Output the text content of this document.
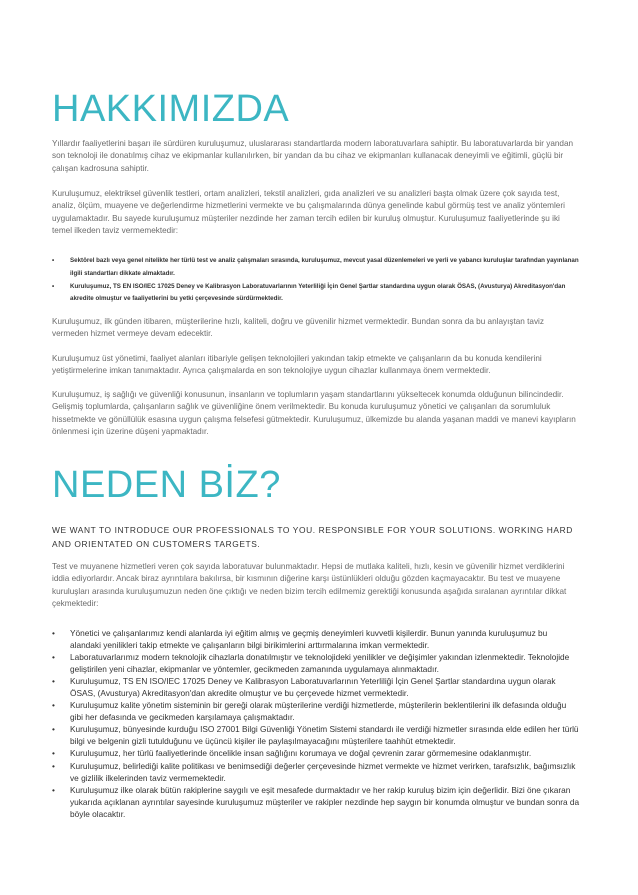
HAKKIMIZDA

Yıllardır faaliyetlerini başarı ile sürdüren kuruluşumuz, uluslararası standartlarda modern laboratuvarlara sahiptir. Bu laboratuvarlarda bir yandan son teknoloji ile donatılmış cihaz ve ekipmanlar kullanılırken, bir yandan da bu cihaz ve ekipmanları kullanacak deneyimli ve eğitimli, güçlü bir çalışan kadrosuna sahiptir.

Kuruluşumuz, elektriksel güvenlik testleri, ortam analizleri, tekstil analizleri, gıda analizleri ve su analizleri başta olmak üzere çok sayıda test, analiz, ölçüm, muayene ve değerlendirme hizmetlerini vermekte ve bu çalışmalarında dünya genelinde kabul görmüş test ve analiz yöntemleri uygulamaktadır. Bu sayede kuruluşumuz müşteriler nezdinde her zaman tercih edilen bir kuruluş olmuştur. Kuruluşumuz faaliyetlerinde şu iki temel ilkeden taviz vermemektedir:

•	Sektörel bazlı veya genel nitelikte her türlü test ve analiz çalışmaları sırasında, kuruluşumuz, mevcut yasal düzenlemeleri ve yerli ve yabancı kuruluşlar tarafından yayınlanan ilgili standartları dikkate almaktadır.
•	Kuruluşumuz, TS EN ISO/IEC 17025 Deney ve Kalibrasyon Laboratuvarlarının Yeterliliği İçin Genel Şartlar standardına uygun olarak ÖSAS, (Avusturya) Akreditasyon'dan akredite olmuştur ve faaliyetlerini bu yetki çerçevesinde sürdürmektedir.

Kuruluşumuz, ilk günden itibaren, müşterilerine hızlı, kaliteli, doğru ve güvenilir hizmet vermektedir. Bundan sonra da bu anlayıştan taviz vermeden hizmet vermeye devam edecektir.

Kuruluşumuz üst yönetimi, faaliyet alanları itibariyle gelişen teknolojileri yakından takip etmekte ve çalışanların da bu konuda kendilerini yetiştirmelerine imkan tanımaktadır. Ayrıca çalışmalarda en son teknolojiye uygun cihazlar kullanmaya önem vermektedir.

Kuruluşumuz, iş sağlığı ve güvenliği konusunun, insanların ve toplumların yaşam standartlarını yükseltecek konumda olduğunun bilincindedir. Gelişmiş toplumlarda, çalışanların sağlık ve güvenliğine önem verilmektedir. Bu konuda kuruluşumuz yönetici ve çalışanları da sorumluluk hissetmekte ve gönüllülük esasına uygun çalışma felsefesi gütmektedir. Kuruluşumuz, ülkemizde bu alanda yaşanan maddi ve manevi kayıpların önlenmesi için üzerine düşeni yapmaktadır.

NEDEN BİZ?

WE WANT TO INTRODUCE OUR PROFESSIONALS TO YOU. RESPONSIBLE FOR YOUR SOLUTIONS. WORKING HARD AND ORIENTATED ON CUSTOMERS TARGETS.

Test ve muyanene hizmetleri veren çok sayıda laboratuvar bulunmaktadır. Hepsi de mutlaka kaliteli, hızlı, kesin ve güvenilir hizmet verdiklerini iddia ediyorlardır. Ancak biraz ayrıntılara bakılırsa, bir kısmının diğerine karşı üstünlükleri olduğu gözden kaçmayacaktır. Bu test ve muayene kuruluşları arasında kuruluşumuzun neden öne çıktığı ve neden bizim tercih edilmemiz gerektiği konusunda aşağıda sıralanan ayrıntılar dikkat çekmektedir:

• Yönetici ve çalışanlarımız kendi alanlarda iyi eğitim almış ve geçmiş deneyimleri kuvvetli kişilerdir. Bunun yanında kuruluşumuz bu alandaki yenilikleri takip etmekte ve çalışanların bilgi birikimlerini arttırmalarına imkan vermektedir.
• Laboratuvarlarımız modern teknolojik cihazlarla donatılmıştır ve teknolojideki yenilikler ve değişimler yakından izlenmektedir. Teknolojide geliştirilen yeni cihazlar, ekipmanlar ve yöntemler, gecikmeden zamanında uygulamaya alınmaktadır.
• Kuruluşumuz, TS EN ISO/IEC 17025 Deney ve Kalibrasyon Laboratuvarlarının Yeterliliği İçin Genel Şartlar standardına uygun olarak ÖSAS, (Avusturya) Akreditasyon'dan akredite olmuştur ve bu çerçevede hizmet vermektedir.
• Kuruluşumuz kalite yönetim sisteminin bir gereği olarak müşterilerine verdiği hizmetlerde, müşterilerin beklentilerini ilk defasında olduğu gibi her defasında ve gecikmeden karşılamaya çalışmaktadır.
• Kuruluşumuz, bünyesinde kurduğu ISO 27001 Bilgi Güvenliği Yönetim Sistemi standardı ile verdiği hizmetler sırasında elde edilen her türlü bilgi ve belgenin gizli tutulduğunu ve üçüncü kişiler ile paylaşılmayacağını müşterilere taahhüt etmektedir.
• Kuruluşumuz, her türlü faaliyetlerinde öncelikle insan sağlığını korumaya ve doğal çevrenin zarar görmemesine odaklanmıştır.
• Kuruluşumuz, belirlediği kalite politikası ve benimsediği değerler çerçevesinde hizmet vermekte ve hizmet verirken, tarafsızlık, bağımsızlık ve gizlilik ilkelerinden taviz vermemektedir.
• Kuruluşumuz ilke olarak bütün rakiplerine saygılı ve eşit mesafede durmaktadır ve her rakip kuruluş bizim için değerlidir. Bizi öne çıkaran yukarıda açıklanan ayrıntılar sayesinde kuruluşumuz müşteriler ve rakipler nezdinde hep saygın bir konumda olmuştur ve bundan sonra da böyle olacaktır.
